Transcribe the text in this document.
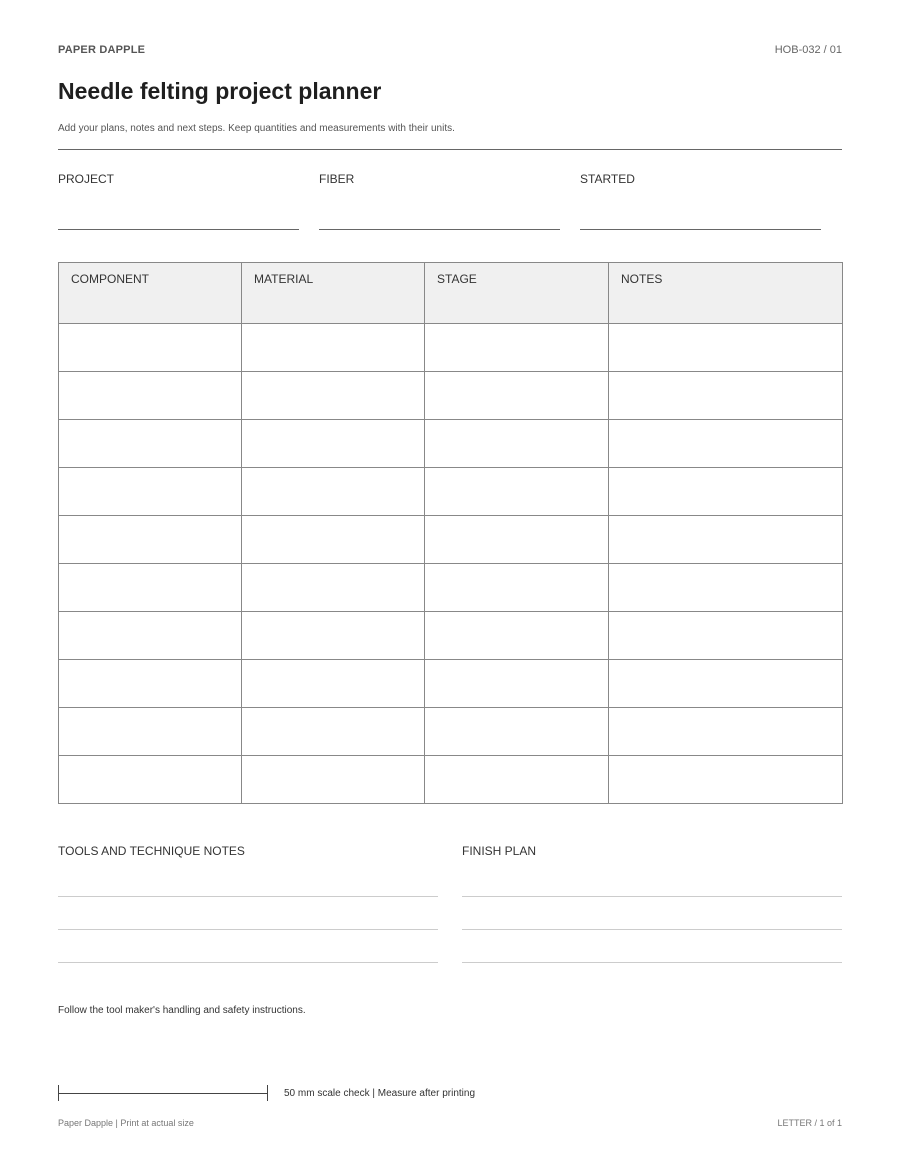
PAPER DAPPLE	HOB-032 / 01
Needle felting project planner
Add your plans, notes and next steps. Keep quantities and measurements with their units.
PROJECT	FIBER	STARTED
COMPONENT	MATERIAL	STAGE	NOTES

TOOLS AND TECHNIQUE NOTES	FINISH PLAN
Follow the tool maker's handling and safety instructions.
50 mm scale check | Measure after printing
Paper Dapple | Print at actual size	LETTER / 1 of 1
